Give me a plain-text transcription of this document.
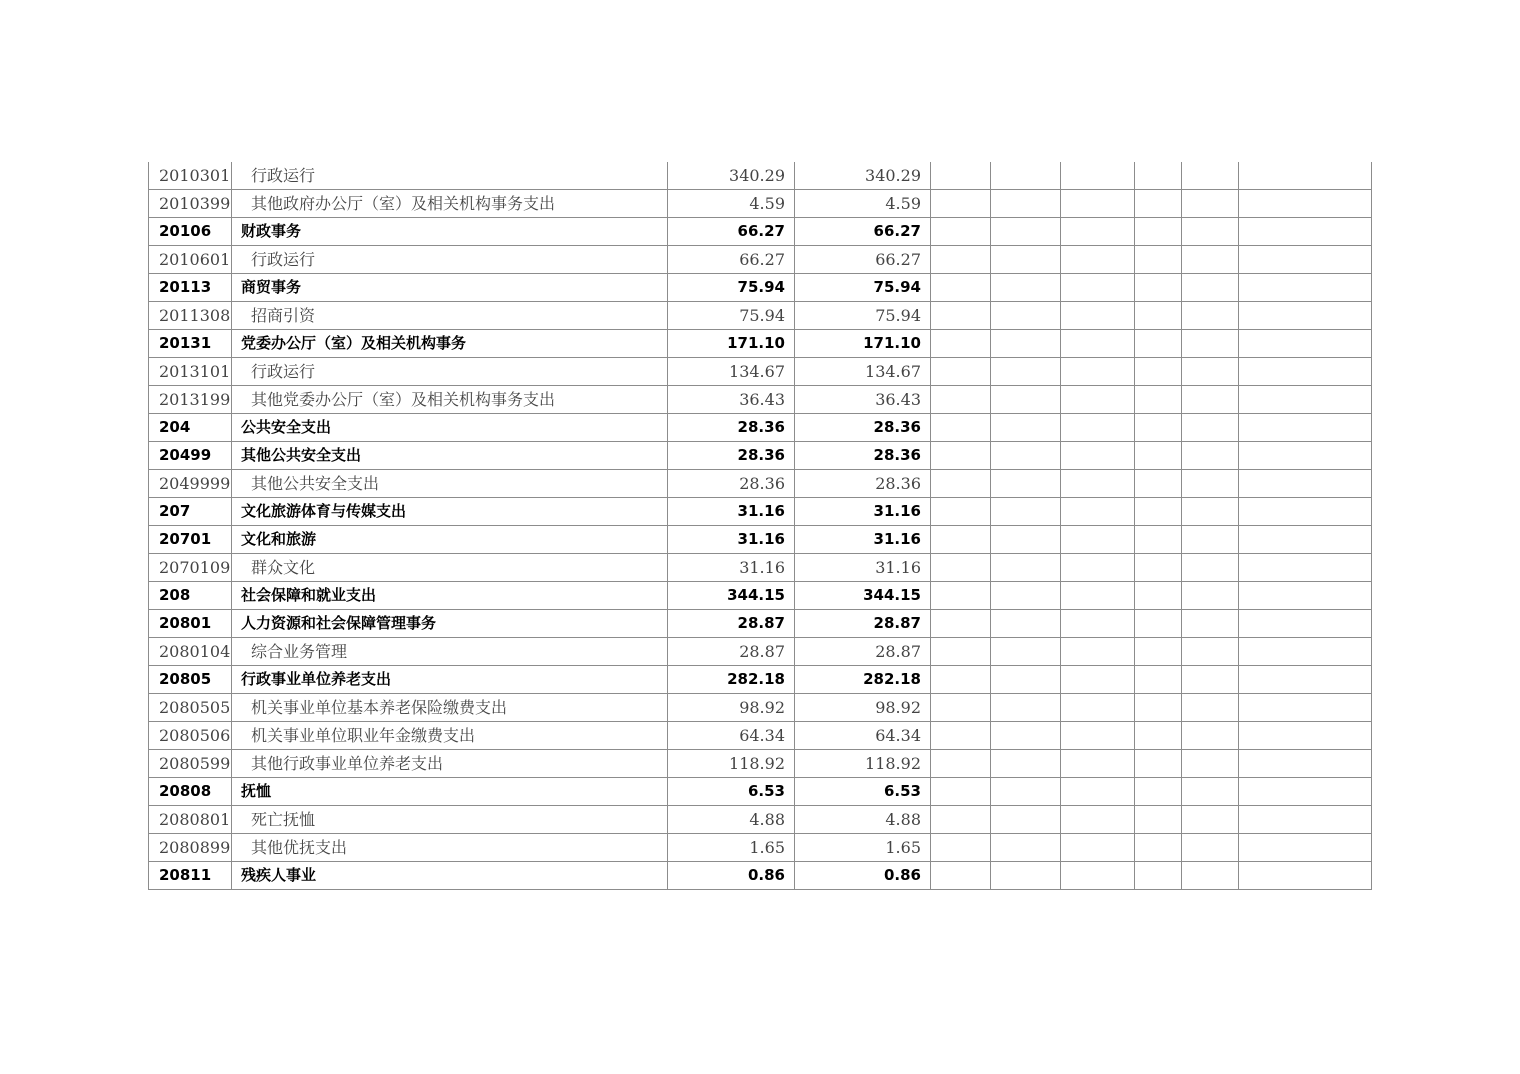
2010301	行政运行	340.29	340.29						
2010399	其他政府办公厅（室）及相关机构事务支出	4.59	4.59						
20106	财政事务	66.27	66.27						
2010601	行政运行	66.27	66.27						
20113	商贸事务	75.94	75.94						
2011308	招商引资	75.94	75.94						
20131	党委办公厅（室）及相关机构事务	171.10	171.10						
2013101	行政运行	134.67	134.67						
2013199	其他党委办公厅（室）及相关机构事务支出	36.43	36.43						
204	公共安全支出	28.36	28.36						
20499	其他公共安全支出	28.36	28.36						
2049999	其他公共安全支出	28.36	28.36						
207	文化旅游体育与传媒支出	31.16	31.16						
20701	文化和旅游	31.16	31.16						
2070109	群众文化	31.16	31.16						
208	社会保障和就业支出	344.15	344.15						
20801	人力资源和社会保障管理事务	28.87	28.87						
2080104	综合业务管理	28.87	28.87						
20805	行政事业单位养老支出	282.18	282.18						
2080505	机关事业单位基本养老保险缴费支出	98.92	98.92						
2080506	机关事业单位职业年金缴费支出	64.34	64.34						
2080599	其他行政事业单位养老支出	118.92	118.92						
20808	抚恤	6.53	6.53						
2080801	死亡抚恤	4.88	4.88						
2080899	其他优抚支出	1.65	1.65						
20811	残疾人事业	0.86	0.86						
